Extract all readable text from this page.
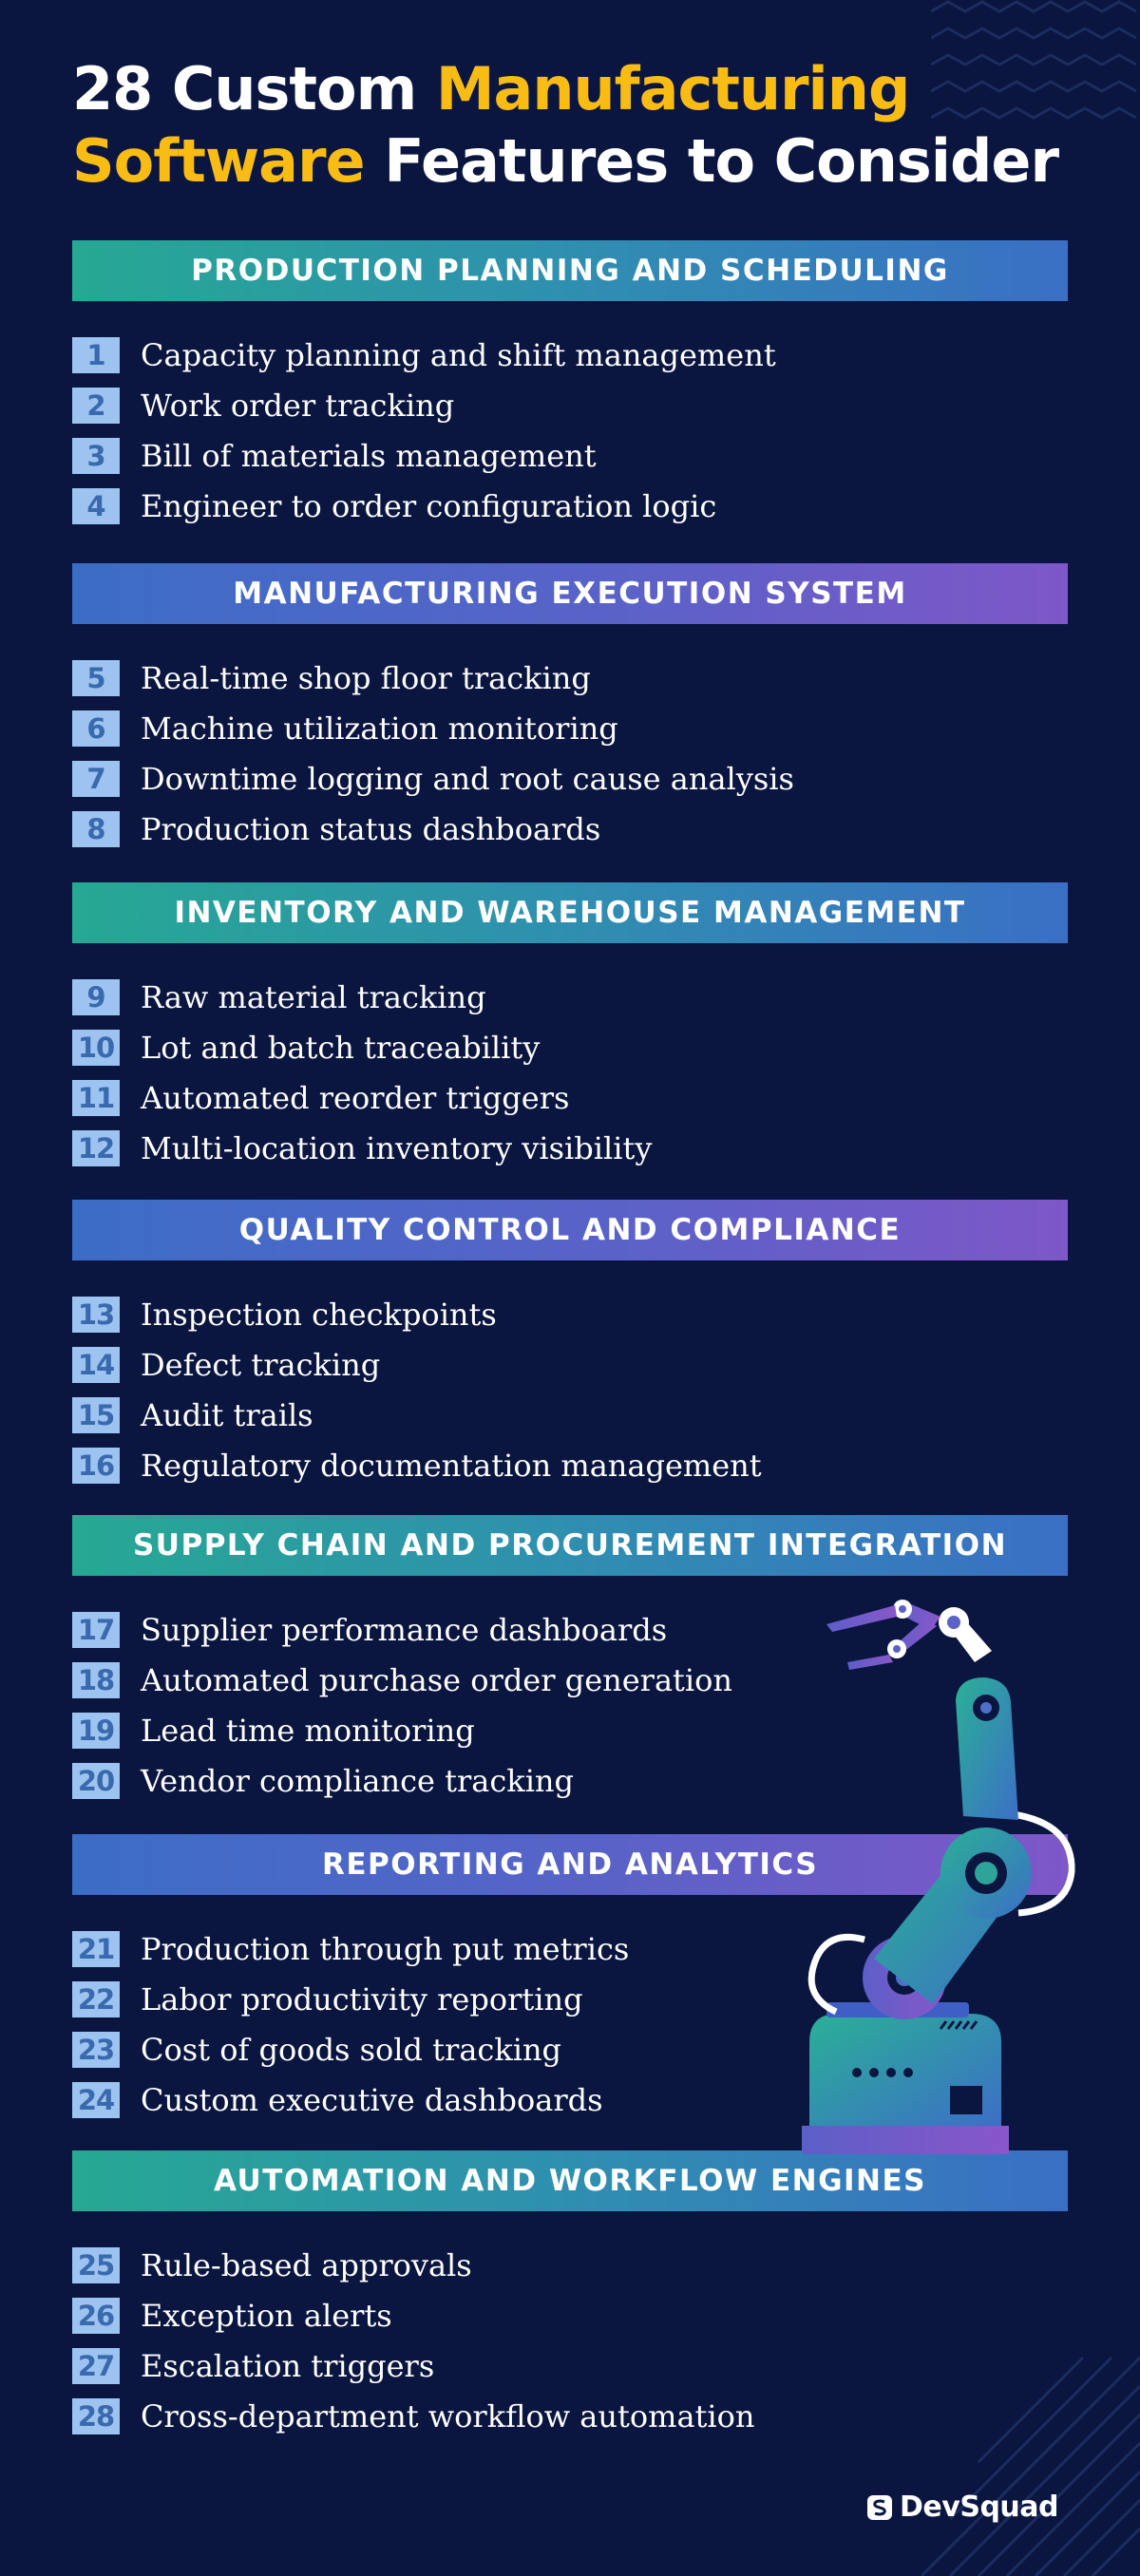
28 Custom Manufacturing
Software Features to Consider
PRODUCTION PLANNING AND SCHEDULING
1	Capacity planning and shift management
2	Work order tracking
3	Bill of materials management
4	Engineer to order configuration logic
MANUFACTURING EXECUTION SYSTEM
5	Real-time shop floor tracking
6	Machine utilization monitoring
7	Downtime logging and root cause analysis
8	Production status dashboards
INVENTORY AND WAREHOUSE MANAGEMENT
9	Raw material tracking
10 Lot and batch traceability
11 Automated reorder triggers
12 Multi-location inventory visibility
QUALITY CONTROL AND COMPLIANCE
13 Inspection checkpoints
14 Defect tracking
15 Audit trails
16 Regulatory documentation management
SUPPLY CHAIN AND PROCUREMENT INTEGRATION
17 Supplier performance dashboards
18 Automated purchase order generation
19 Lead time monitoring
20 Vendor compliance tracking
REPORTING AND ANALYTICS
21 Production through put metrics
22 Labor productivity reporting
23 Cost of goods sold tracking
24 Custom executive dashboards
AUTOMATION AND WORKFLOW ENGINES
25 Rule-based approvals
26 Exception alerts
27 Escalation triggers
28 Cross-department workflow automation
DevSquad
